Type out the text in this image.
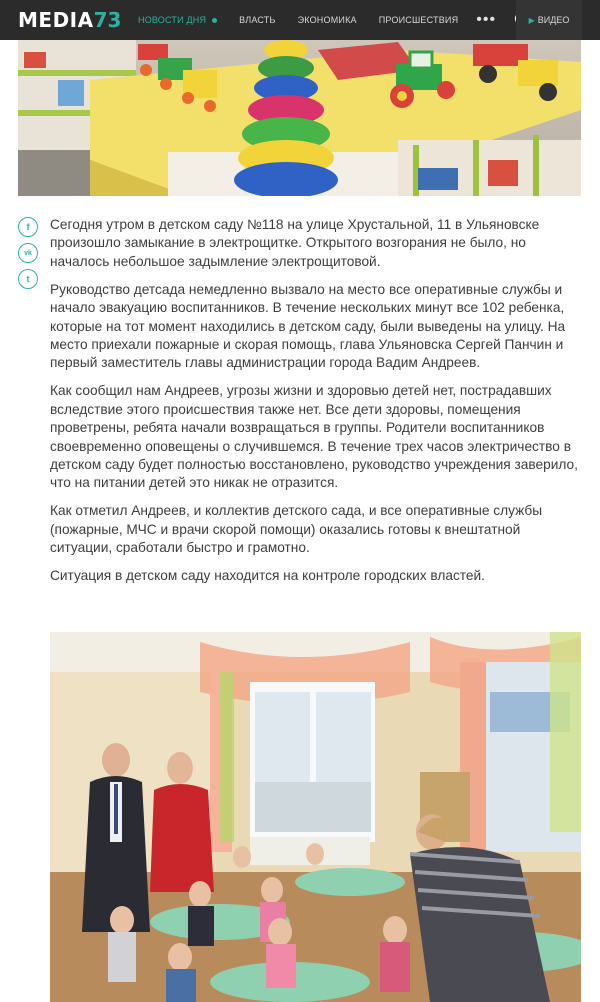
MEDIA 73 НОВОСТИ ДНЯ	ВЛАСТЬ ЭКОНОМИКА ПРОИСШЕСТВИЯ •••	▶ ВИДЕО
f
vk
t

Сегодня утром в детском саду №118 на улице Хрустальной, 11 в Ульяновске произошло замыкание в электрощитке. Открытого возгорания не было, но началось небольшое задымление электрощитовой.

Руководство детсада немедленно вызвало на место все оперативные службы и начало эвакуацию воспитанников. В течение нескольких минут все 102 ребенка, которые на тот момент находились в детском саду, были выведены на улицу. На место приехали пожарные и скорая помощь, глава Ульяновска Сергей Панчин и первый заместитель главы администрации города Вадим Андреев.

Как сообщил нам Андреев, угрозы жизни и здоровью детей нет, пострадавших вследствие этого происшествия также нет. Все дети здоровы, помещения проветрены, ребята начали возвращаться в группы. Родители воспитанников своевременно оповещены о случившемся. В течение трех часов электричество в детском саду будет полностью восстановлено, руководство учреждения заверило, что на питании детей это никак не отразится.

Как отметил Андреев, и коллектив детского сада, и все оперативные службы (пожарные, МЧС и врачи скорой помощи) оказались готовы к внештатной ситуации, сработали быстро и грамотно.

Ситуация в детском саду находится на контроле городских властей.
